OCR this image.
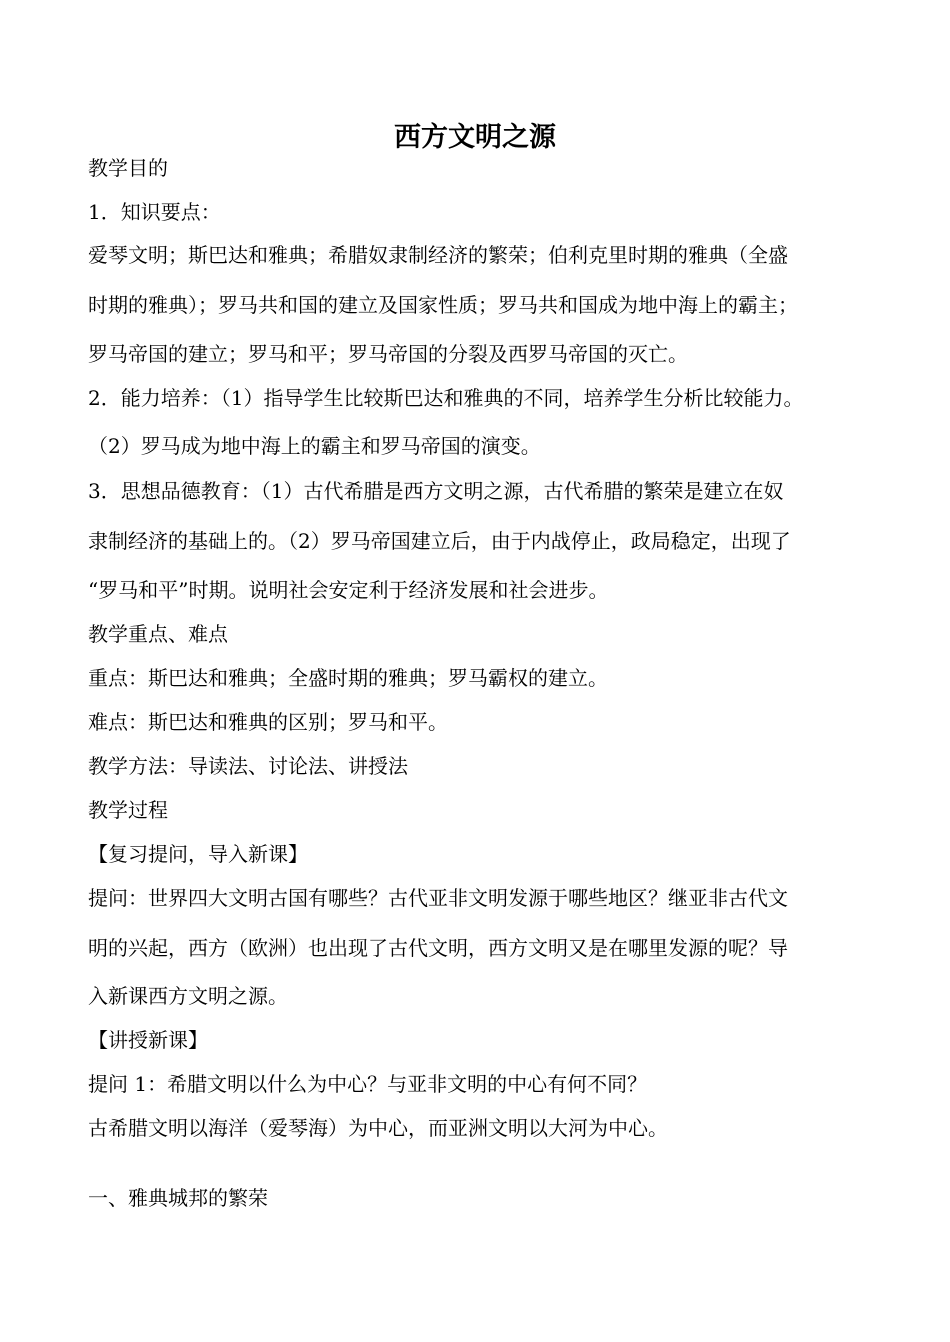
西方文明之源

教学目的

1．知识要点：

爱琴文明；斯巴达和雅典；希腊奴隶制经济的繁荣；伯利克里时期的雅典（全盛

时期的雅典）；罗马共和国的建立及国家性质；罗马共和国成为地中海上的霸主；

罗马帝国的建立；罗马和平；罗马帝国的分裂及西罗马帝国的灭亡。

2．能力培养：（1）指导学生比较斯巴达和雅典的不同，培养学生分析比较能力。

（2）罗马成为地中海上的霸主和罗马帝国的演变。

3．思想品德教育：（1）古代希腊是西方文明之源，古代希腊的繁荣是建立在奴

隶制经济的基础上的。（2）罗马帝国建立后，由于内战停止，政局稳定，出现了

“罗马和平”时期。说明社会安定利于经济发展和社会进步。

教学重点、难点

重点：斯巴达和雅典；全盛时期的雅典；罗马霸权的建立。

难点：斯巴达和雅典的区别；罗马和平。

教学方法：导读法、讨论法、讲授法

教学过程

【复习提问，导入新课】

提问：世界四大文明古国有哪些？古代亚非文明发源于哪些地区？继亚非古代文

明的兴起，西方（欧洲）也出现了古代文明，西方文明又是在哪里发源的呢？导

入新课西方文明之源。

【讲授新课】

提问 1：希腊文明以什么为中心？与亚非文明的中心有何不同？

古希腊文明以海洋（爱琴海）为中心，而亚洲文明以大河为中心。

一、雅典城邦的繁荣
